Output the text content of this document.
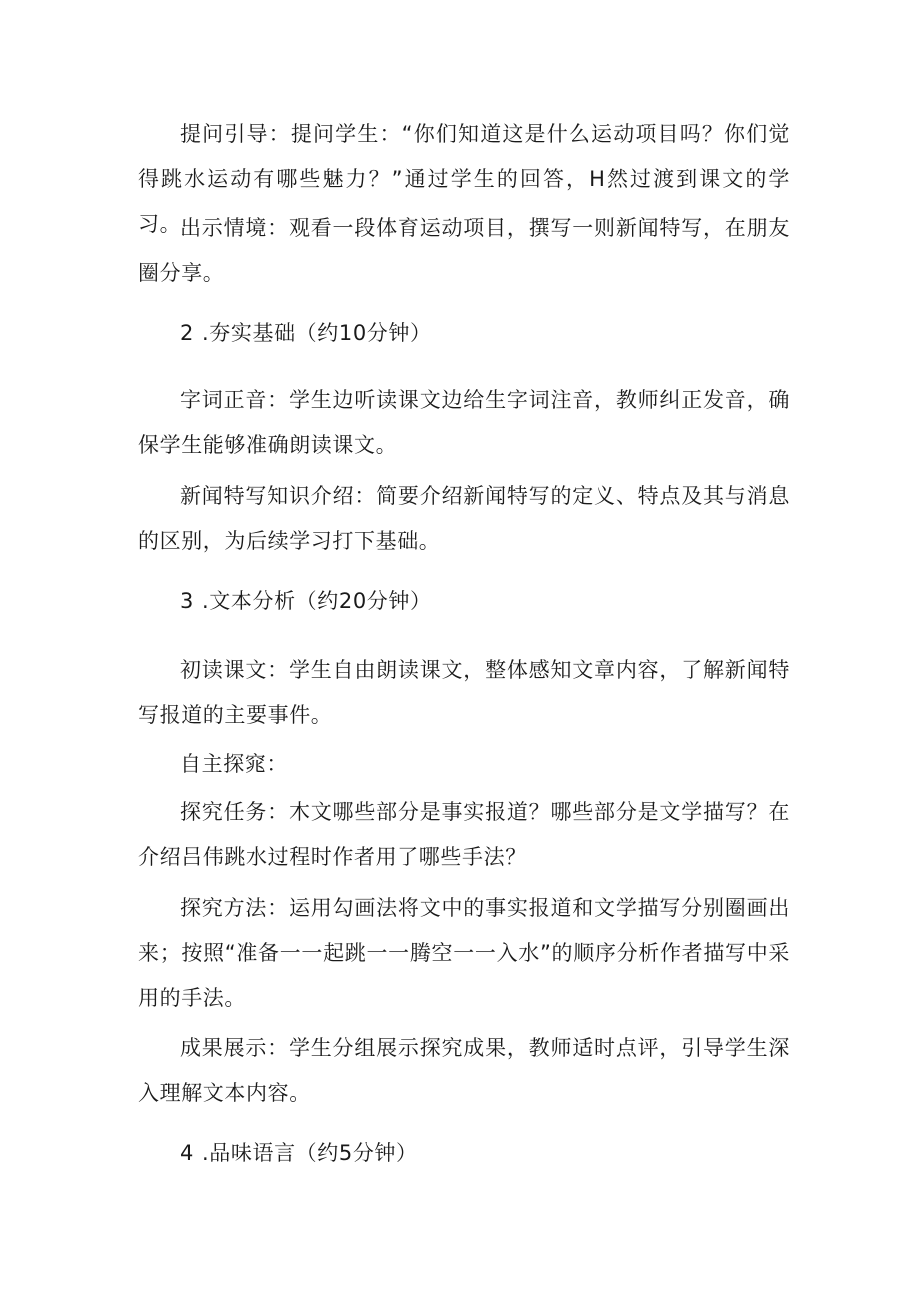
提问引导：提问学生：“你们知道这是什么运动项目吗？你们觉得跳水运动有哪些魅力？”通过学生的回答，H然过渡到课文的学习。

出示情境：观看一段体育运动项目，撰写一则新闻特写，在朋友圈分享。

2 .夯实基础（约10分钟）

字词正音：学生边听读课文边给生字词注音，教师纠正发音，确保学生能够准确朗读课文。

新闻特写知识介绍：简要介绍新闻特写的定义、特点及其与消息的区别，为后续学习打下基础。

3 .文本分析（约20分钟）

初读课文：学生自由朗读课文，整体感知文章内容，了解新闻特写报道的主要事件。

自主探窕：

探究任务：木文哪些部分是事实报道？哪些部分是文学描写？在介绍吕伟跳水过程时作者用了哪些手法？

探究方法：运用勾画法将文中的事实报道和文学描写分别圈画出来；按照“准备一一起跳一一腾空一一入水”的顺序分析作者描写中采用的手法。

成果展示：学生分组展示探究成果，教师适时点评，引导学生深入理解文本内容。

4 .品味语言（约5分钟）
